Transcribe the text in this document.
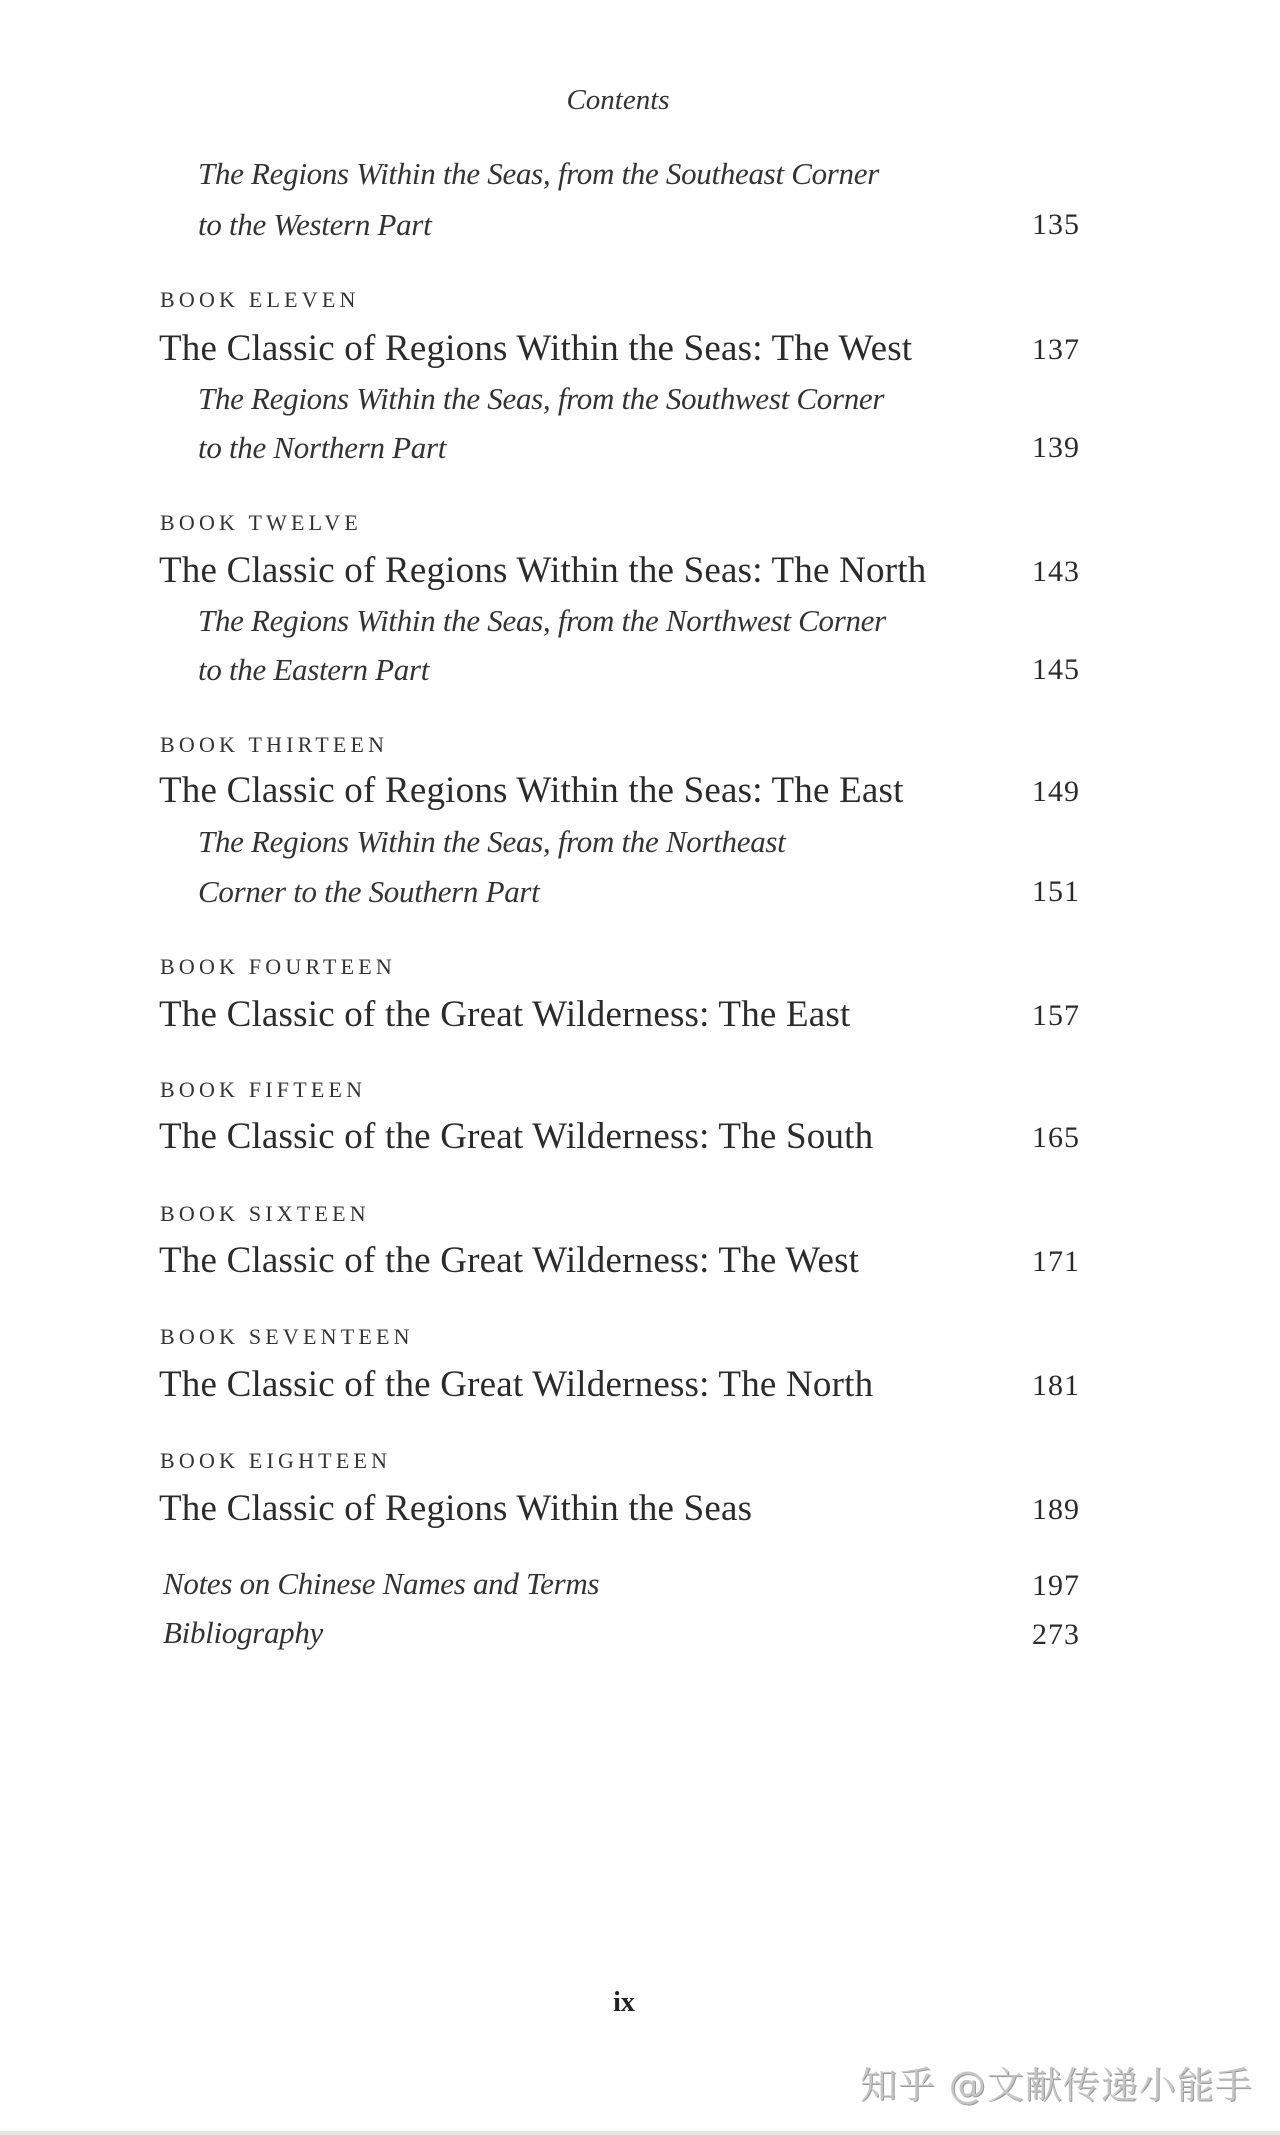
Contents
The Regions Within the Seas, from the Southeast Corner
to the Western Part	135
BOOK ELEVEN
The Classic of Regions Within the Seas: The West	137
The Regions Within the Seas, from the Southwest Corner
to the Northern Part	139
BOOK TWELVE
The Classic of Regions Within the Seas: The North	143
The Regions Within the Seas, from the Northwest Corner
to the Eastern Part	145
BOOK THIRTEEN
The Classic of Regions Within the Seas: The East	149
The Regions Within the Seas, from the Northeast
Corner to the Southern Part	151
BOOK FOURTEEN
The Classic of the Great Wilderness: The East	157
BOOK FIFTEEN
The Classic of the Great Wilderness: The South	165
BOOK SIXTEEN
The Classic of the Great Wilderness: The West	171
BOOK SEVENTEEN
The Classic of the Great Wilderness: The North	181
BOOK EIGHTEEN
The Classic of Regions Within the Seas	189
Notes on Chinese Names and Terms	197
Bibliography	273
ix
知乎 @文献传递小能手
